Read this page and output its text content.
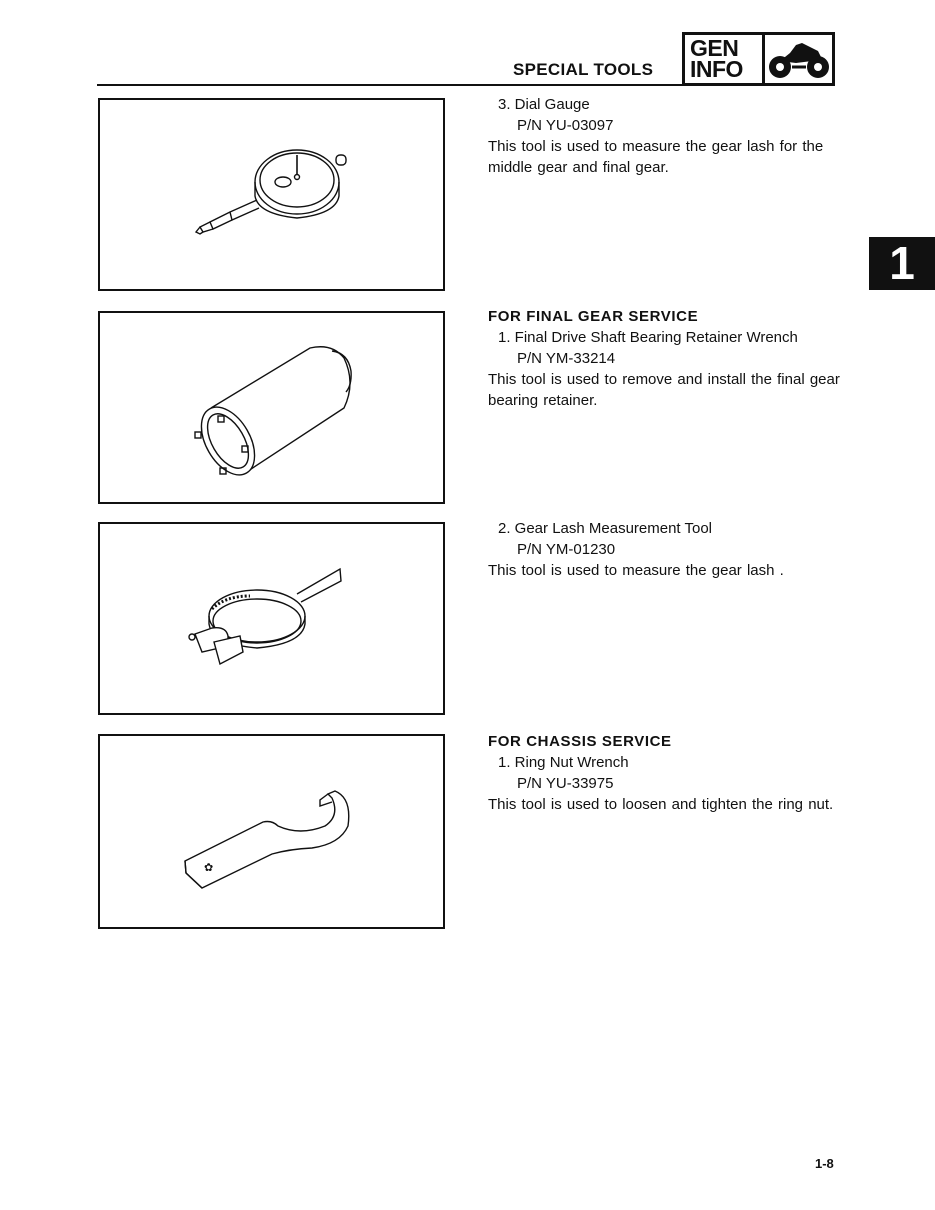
SPECIAL TOOLS
GEN
INFO
1
✿
3. Dial Gauge
P/N YU-03097
This tool is used to measure the gear lash for the middle gear and final gear.
FOR FINAL GEAR SERVICE
1. Final Drive Shaft Bearing Retainer Wrench
P/N YM-33214
This tool is used to remove and install the final gear bearing retainer.
2. Gear Lash Measurement Tool
P/N YM-01230
This tool is used to measure the gear lash .
FOR CHASSIS SERVICE
1. Ring Nut Wrench
P/N YU-33975
This tool is used to loosen and tighten the ring nut.
1-8
